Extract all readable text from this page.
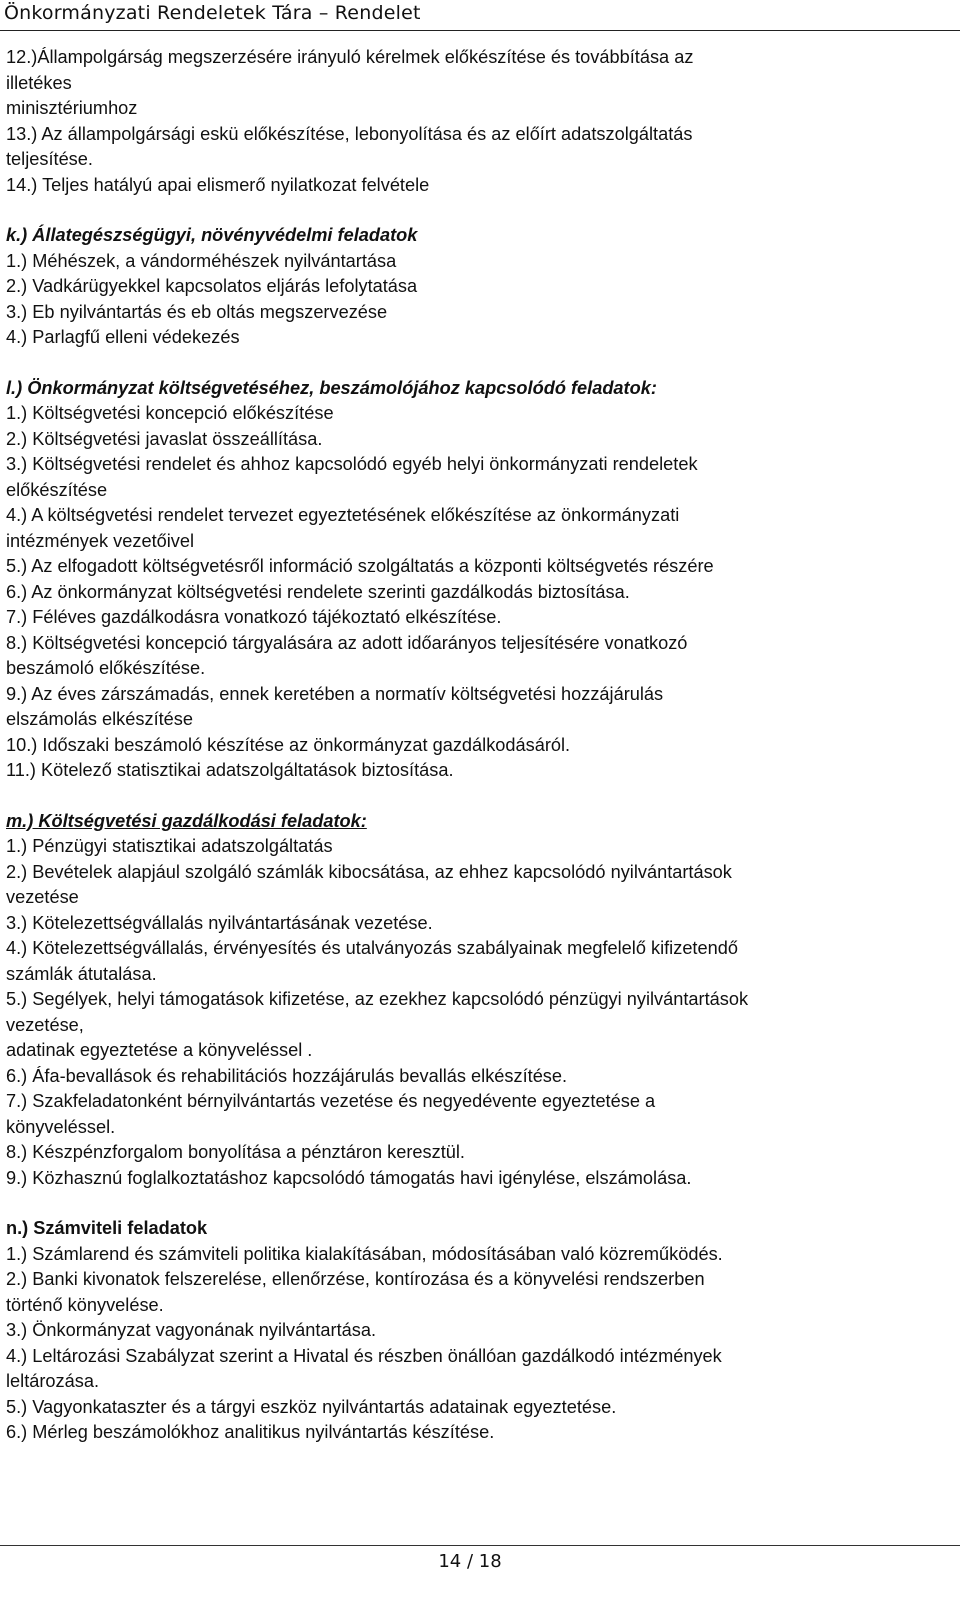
Önkormányzati Rendeletek Tára – Rendelet
12.)Állampolgárság megszerzésére irányuló kérelmek előkészítése és továbbítása az
illetékes
minisztériumhoz
13.) Az állampolgársági eskü előkészítése, lebonyolítása és az előírt adatszolgáltatás
teljesítése.
14.) Teljes hatályú apai elismerő nyilatkozat felvétele
k.) Állategészségügyi, növényvédelmi feladatok
1.) Méhészek, a vándorméhészek nyilvántartása
2.) Vadkárügyekkel kapcsolatos eljárás lefolytatása
3.) Eb nyilvántartás és eb oltás megszervezése
4.) Parlagfű elleni védekezés
l.) Önkormányzat költségvetéséhez, beszámolójához kapcsolódó feladatok:
1.) Költségvetési koncepció előkészítése
2.) Költségvetési javaslat összeállítása.
3.) Költségvetési rendelet és ahhoz kapcsolódó egyéb helyi önkormányzati rendeletek
előkészítése
4.) A költségvetési rendelet tervezet egyeztetésének előkészítése az önkormányzati
intézmények vezetőivel
5.) Az elfogadott költségvetésről információ szolgáltatás a központi költségvetés részére
6.) Az önkormányzat költségvetési rendelete szerinti gazdálkodás biztosítása.
7.) Féléves gazdálkodásra vonatkozó tájékoztató elkészítése.
8.) Költségvetési koncepció tárgyalására az adott időarányos teljesítésére vonatkozó
beszámoló előkészítése.
9.) Az éves zárszámadás, ennek keretében a normatív költségvetési hozzájárulás
elszámolás elkészítése
10.) Időszaki beszámoló készítése az önkormányzat gazdálkodásáról.
11.) Kötelező statisztikai adatszolgáltatások biztosítása.
m.) Költségvetési gazdálkodási feladatok:
1.) Pénzügyi statisztikai adatszolgáltatás
2.) Bevételek alapjául szolgáló számlák kibocsátása, az ehhez kapcsolódó nyilvántartások
vezetése
3.) Kötelezettségvállalás nyilvántartásának vezetése.
4.) Kötelezettségvállalás, érvényesítés és utalványozás szabályainak megfelelő kifizetendő
számlák átutalása.
5.) Segélyek, helyi támogatások kifizetése, az ezekhez kapcsolódó pénzügyi nyilvántartások
vezetése,
adatinak egyeztetése a könyveléssel .
6.) Áfa-bevallások és rehabilitációs hozzájárulás bevallás elkészítése.
7.) Szakfeladatonként bérnyilvántartás vezetése és negyedévente egyeztetése a
könyveléssel.
8.) Készpénzforgalom bonyolítása a pénztáron keresztül.
9.) Közhasznú foglalkoztatáshoz kapcsolódó támogatás havi igénylése, elszámolása.
n.) Számviteli feladatok
1.) Számlarend és számviteli politika kialakításában, módosításában való közreműködés.
2.) Banki kivonatok felszerelése, ellenőrzése, kontírozása és a könyvelési rendszerben
történő könyvelése.
3.) Önkormányzat vagyonának nyilvántartása.
4.) Leltározási Szabályzat szerint a Hivatal és részben önállóan gazdálkodó intézmények
leltározása.
5.) Vagyonkataszter és a tárgyi eszköz nyilvántartás adatainak egyeztetése.
6.) Mérleg beszámolókhoz analitikus nyilvántartás készítése.
14 / 18
